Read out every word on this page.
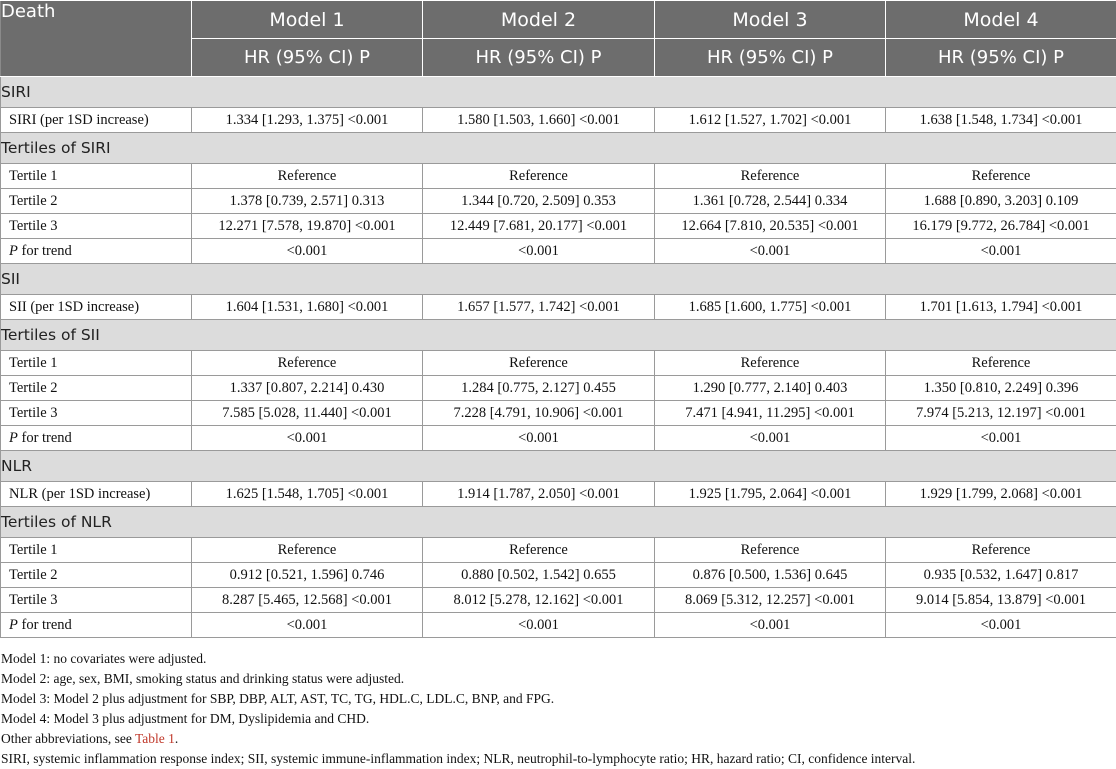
Death	Model 1	Model 2	Model 3	Model 4
	HR (95% CI) P	HR (95% CI) P	HR (95% CI) P	HR (95% CI) P
SIRI				
SIRI (per 1SD increase)	1.334 [1.293, 1.375] <0.001	1.580 [1.503, 1.660] <0.001	1.612 [1.527, 1.702] <0.001	1.638 [1.548, 1.734] <0.001
Tertiles of SIRI				
Tertile 1	Reference	Reference	Reference	Reference
Tertile 2	1.378 [0.739, 2.571] 0.313	1.344 [0.720, 2.509] 0.353	1.361 [0.728, 2.544] 0.334	1.688 [0.890, 3.203] 0.109
Tertile 3	12.271 [7.578, 19.870] <0.001	12.449 [7.681, 20.177] <0.001	12.664 [7.810, 20.535] <0.001	16.179 [9.772, 26.784] <0.001
P for trend	<0.001	<0.001	<0.001	<0.001
SII				
SII (per 1SD increase)	1.604 [1.531, 1.680] <0.001	1.657 [1.577, 1.742] <0.001	1.685 [1.600, 1.775] <0.001	1.701 [1.613, 1.794] <0.001
Tertiles of SII				
Tertile 1	Reference	Reference	Reference	Reference
Tertile 2	1.337 [0.807, 2.214] 0.430	1.284 [0.775, 2.127] 0.455	1.290 [0.777, 2.140] 0.403	1.350 [0.810, 2.249] 0.396
Tertile 3	7.585 [5.028, 11.440] <0.001	7.228 [4.791, 10.906] <0.001	7.471 [4.941, 11.295] <0.001	7.974 [5.213, 12.197] <0.001
P for trend	<0.001	<0.001	<0.001	<0.001
NLR				
NLR (per 1SD increase)	1.625 [1.548, 1.705] <0.001	1.914 [1.787, 2.050] <0.001	1.925 [1.795, 2.064] <0.001	1.929 [1.799, 2.068] <0.001
Tertiles of NLR				
Tertile 1	Reference	Reference	Reference	Reference
Tertile 2	0.912 [0.521, 1.596] 0.746	0.880 [0.502, 1.542] 0.655	0.876 [0.500, 1.536] 0.645	0.935 [0.532, 1.647] 0.817
Tertile 3	8.287 [5.465, 12.568] <0.001	8.012 [5.278, 12.162] <0.001	8.069 [5.312, 12.257] <0.001	9.014 [5.854, 13.879] <0.001
P for trend	<0.001	<0.001	<0.001	<0.001
Model 1: no covariates were adjusted.
Model 2: age, sex, BMI, smoking status and drinking status were adjusted.
Model 3: Model 2 plus adjustment for SBP, DBP, ALT, AST, TC, TG, HDL.C, LDL.C, BNP, and FPG.
Model 4: Model 3 plus adjustment for DM, Dyslipidemia and CHD.
Other abbreviations, see Table 1.
SIRI, systemic inflammation response index; SII, systemic immune-inflammation index; NLR, neutrophil-to-lymphocyte ratio; HR, hazard ratio; CI, confidence interval.
